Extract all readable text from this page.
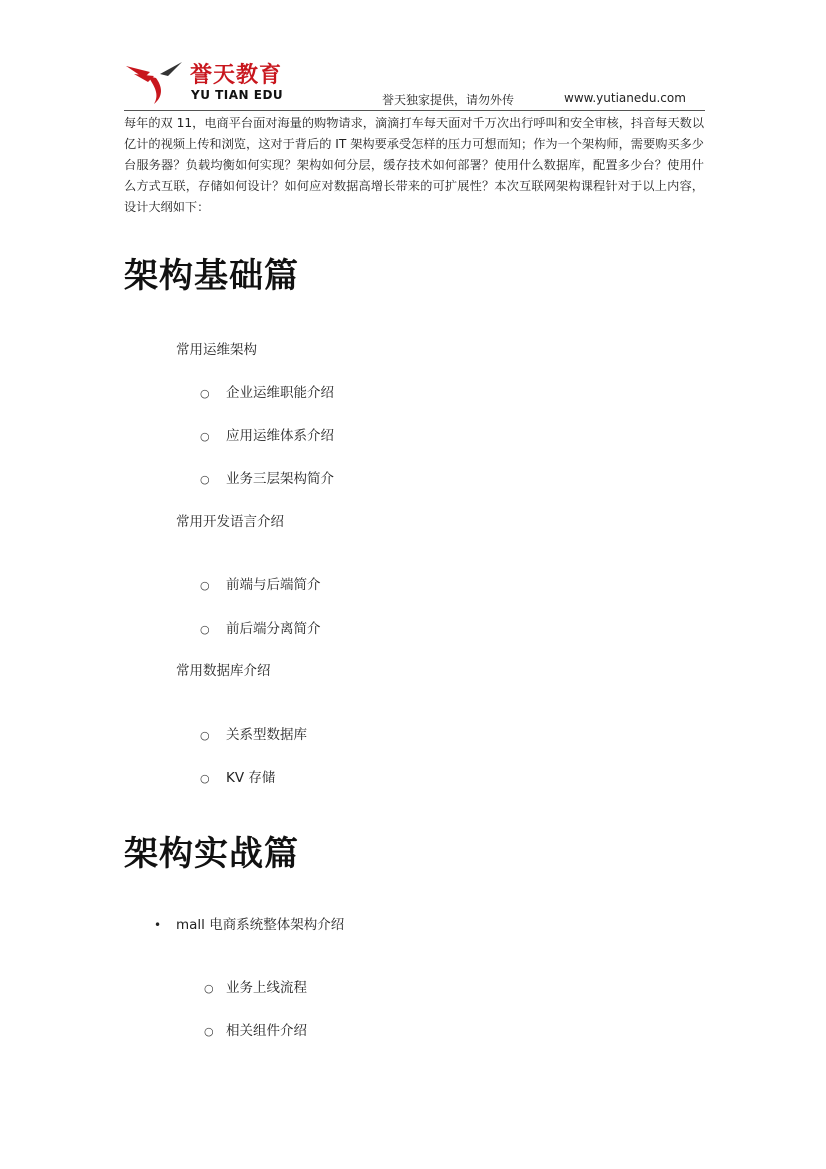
誉天教育
YU TIAN EDU	誉天独家提供，请勿外传	www.yutianedu.com
每年的双 11，电商平台面对海量的购物请求，滴滴打车每天面对千万次出行呼叫和安全审核，抖音每天数以亿计的视频上传和浏览，这对于背后的 IT 架构要承受怎样的压力可想而知；作为一个架构师，需要购买多少台服务器？负载均衡如何实现？架构如何分层，缓存技术如何部署？使用什么数据库，配置多少台？使用什么方式互联，存储如何设计？如何应对数据高增长带来的可扩展性？本次互联网架构课程针对于以上内容，设计大纲如下：
架构基础篇
常用运维架构
○ 企业运维职能介绍
○ 应用运维体系介绍
○ 业务三层架构简介
常用开发语言介绍
○ 前端与后端简介
○ 前后端分离简介
常用数据库介绍
○ 关系型数据库
○ KV 存储
架构实战篇
• mall 电商系统整体架构介绍
○ 业务上线流程
○ 相关组件介绍
